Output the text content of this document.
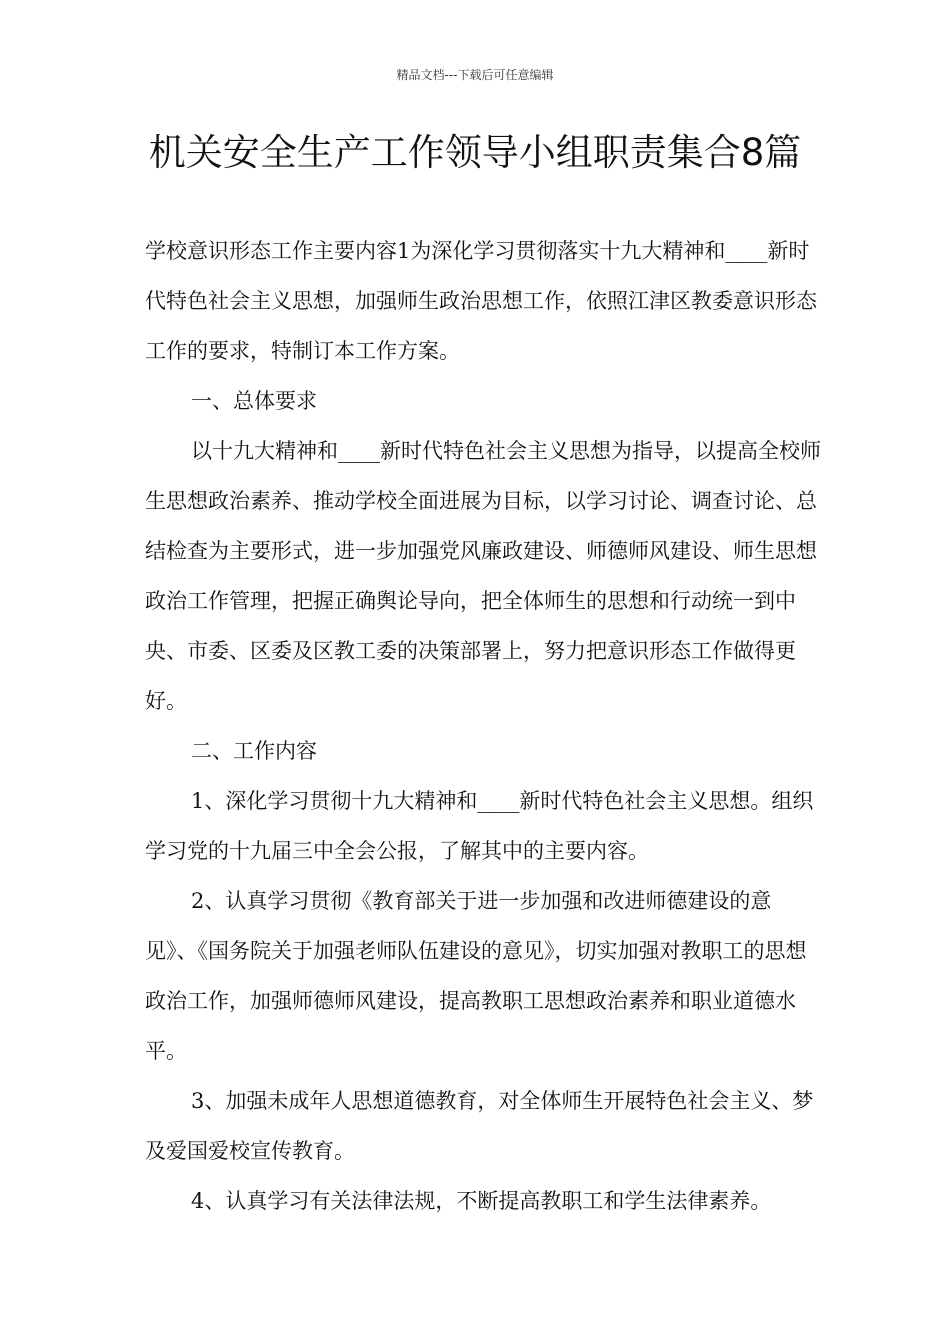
精品文档---下载后可任意编辑
机关安全生产工作领导小组职责集合8篇

学校意识形态工作主要内容1为深化学习贯彻落实十九大精神和____新时代特色社会主义思想，加强师生政治思想工作，依照江津区教委意识形态工作的要求，特制订本工作方案。

一、总体要求

以十九大精神和____新时代特色社会主义思想为指导，以提高全校师生思想政治素养、推动学校全面进展为目标，以学习讨论、调查讨论、总结检查为主要形式，进一步加强党风廉政建设、师德师风建设、师生思想政治工作管理，把握正确舆论导向，把全体师生的思想和行动统一到中央、市委、区委及区教工委的决策部署上，努力把意识形态工作做得更好。

二、工作内容

1、深化学习贯彻十九大精神和____新时代特色社会主义思想。组织学习党的十九届三中全会公报，了解其中的主要内容。

2、认真学习贯彻《教育部关于进一步加强和改进师德建设的意见》、《国务院关于加强老师队伍建设的意见》，切实加强对教职工的思想政治工作，加强师德师风建设，提高教职工思想政治素养和职业道德水平。

3、加强未成年人思想道德教育，对全体师生开展特色社会主义、梦及爱国爱校宣传教育。

4、认真学习有关法律法规，不断提高教职工和学生法律素养。
